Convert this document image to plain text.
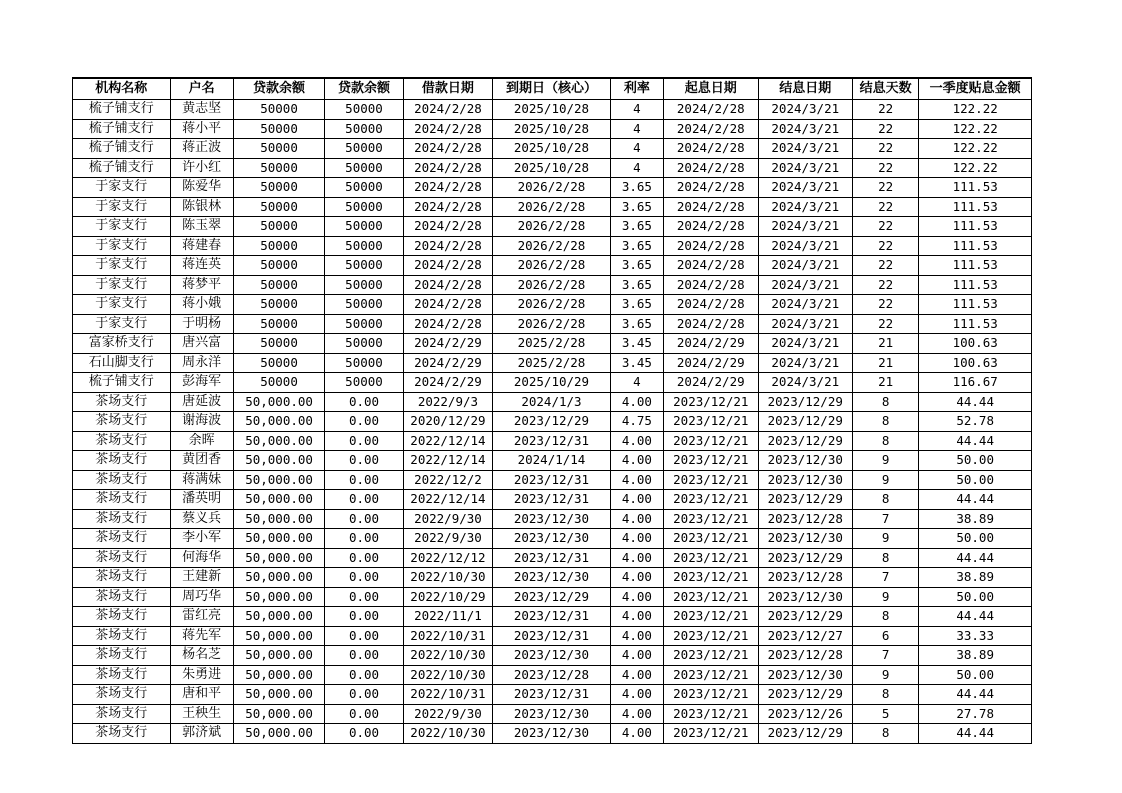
机构名称	户名	贷款余额	贷款余额	借款日期	到期日（核心）	利率	起息日期	结息日期	结息天数	一季度贴息金额
梳子铺支行	黄志坚	50000	50000	2024/2/28	2025/10/28	4	2024/2/28	2024/3/21	22	122.22
梳子铺支行	蒋小平	50000	50000	2024/2/28	2025/10/28	4	2024/2/28	2024/3/21	22	122.22
梳子铺支行	蒋正波	50000	50000	2024/2/28	2025/10/28	4	2024/2/28	2024/3/21	22	122.22
梳子铺支行	许小红	50000	50000	2024/2/28	2025/10/28	4	2024/2/28	2024/3/21	22	122.22
于家支行	陈爱华	50000	50000	2024/2/28	2026/2/28	3.65	2024/2/28	2024/3/21	22	111.53
于家支行	陈银林	50000	50000	2024/2/28	2026/2/28	3.65	2024/2/28	2024/3/21	22	111.53
于家支行	陈玉翠	50000	50000	2024/2/28	2026/2/28	3.65	2024/2/28	2024/3/21	22	111.53
于家支行	蒋建春	50000	50000	2024/2/28	2026/2/28	3.65	2024/2/28	2024/3/21	22	111.53
于家支行	蒋连英	50000	50000	2024/2/28	2026/2/28	3.65	2024/2/28	2024/3/21	22	111.53
于家支行	蒋梦平	50000	50000	2024/2/28	2026/2/28	3.65	2024/2/28	2024/3/21	22	111.53
于家支行	蒋小娥	50000	50000	2024/2/28	2026/2/28	3.65	2024/2/28	2024/3/21	22	111.53
于家支行	于明杨	50000	50000	2024/2/28	2026/2/28	3.65	2024/2/28	2024/3/21	22	111.53
富家桥支行	唐兴富	50000	50000	2024/2/29	2025/2/28	3.45	2024/2/29	2024/3/21	21	100.63
石山脚支行	周永洋	50000	50000	2024/2/29	2025/2/28	3.45	2024/2/29	2024/3/21	21	100.63
梳子铺支行	彭海军	50000	50000	2024/2/29	2025/10/29	4	2024/2/29	2024/3/21	21	116.67
茶场支行	唐延波	50,000.00	0.00	2022/9/3	2024/1/3	4.00	2023/12/21	2023/12/29	8	44.44
茶场支行	谢海波	50,000.00	0.00	2020/12/29	2023/12/29	4.75	2023/12/21	2023/12/29	8	52.78
茶场支行	余晖	50,000.00	0.00	2022/12/14	2023/12/31	4.00	2023/12/21	2023/12/29	8	44.44
茶场支行	黄团香	50,000.00	0.00	2022/12/14	2024/1/14	4.00	2023/12/21	2023/12/30	9	50.00
茶场支行	蒋满妹	50,000.00	0.00	2022/12/2	2023/12/31	4.00	2023/12/21	2023/12/30	9	50.00
茶场支行	潘英明	50,000.00	0.00	2022/12/14	2023/12/31	4.00	2023/12/21	2023/12/29	8	44.44
茶场支行	蔡义兵	50,000.00	0.00	2022/9/30	2023/12/30	4.00	2023/12/21	2023/12/28	7	38.89
茶场支行	李小军	50,000.00	0.00	2022/9/30	2023/12/30	4.00	2023/12/21	2023/12/30	9	50.00
茶场支行	何海华	50,000.00	0.00	2022/12/12	2023/12/31	4.00	2023/12/21	2023/12/29	8	44.44
茶场支行	王建新	50,000.00	0.00	2022/10/30	2023/12/30	4.00	2023/12/21	2023/12/28	7	38.89
茶场支行	周巧华	50,000.00	0.00	2022/10/29	2023/12/29	4.00	2023/12/21	2023/12/30	9	50.00
茶场支行	雷红亮	50,000.00	0.00	2022/11/1	2023/12/31	4.00	2023/12/21	2023/12/29	8	44.44
茶场支行	蒋先军	50,000.00	0.00	2022/10/31	2023/12/31	4.00	2023/12/21	2023/12/27	6	33.33
茶场支行	杨名芝	50,000.00	0.00	2022/10/30	2023/12/30	4.00	2023/12/21	2023/12/28	7	38.89
茶场支行	朱勇进	50,000.00	0.00	2022/10/30	2023/12/28	4.00	2023/12/21	2023/12/30	9	50.00
茶场支行	唐和平	50,000.00	0.00	2022/10/31	2023/12/31	4.00	2023/12/21	2023/12/29	8	44.44
茶场支行	王秧生	50,000.00	0.00	2022/9/30	2023/12/30	4.00	2023/12/21	2023/12/26	5	27.78
茶场支行	郭济斌	50,000.00	0.00	2022/10/30	2023/12/30	4.00	2023/12/21	2023/12/29	8	44.44
